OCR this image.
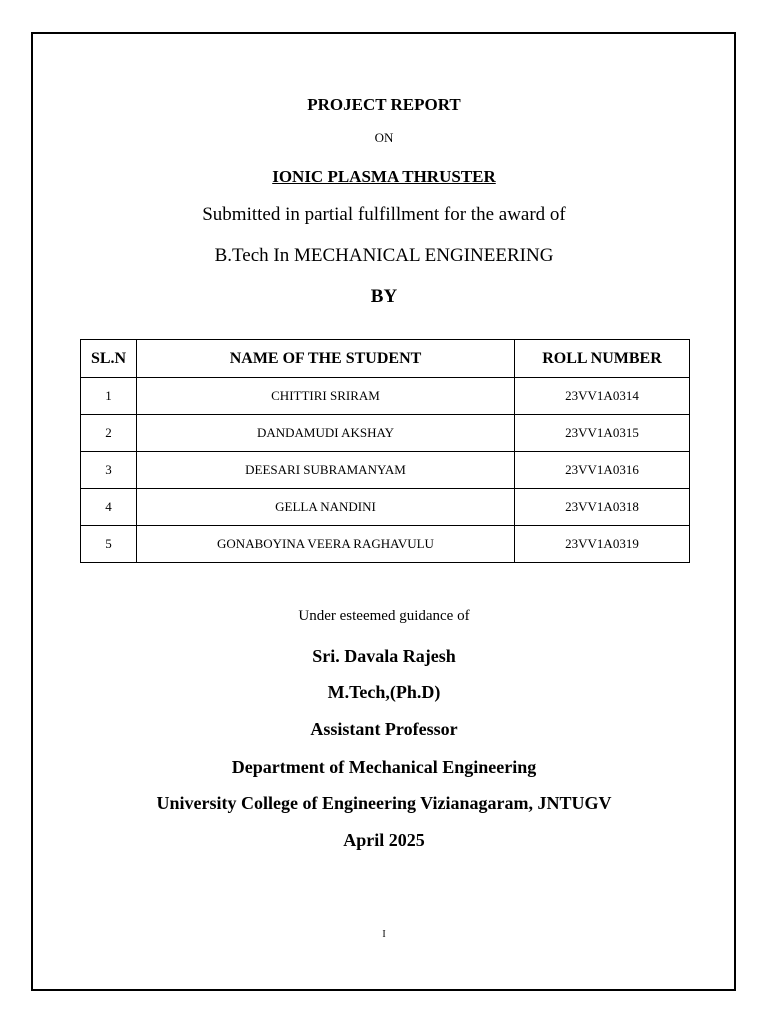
PROJECT REPORT
ON
IONIC PLASMA THRUSTER
Submitted in partial fulfillment for the award of
B.Tech In MECHANICAL ENGINEERING
BY
SL.N	NAME OF THE STUDENT	ROLL NUMBER
1	CHITTIRI SRIRAM	23VV1A0314
2	DANDAMUDI AKSHAY	23VV1A0315
3	DEESARI SUBRAMANYAM	23VV1A0316
4	GELLA NANDINI	23VV1A0318
5	GONABOYINA VEERA RAGHAVULU	23VV1A0319
Under esteemed guidance of
Sri. Davala Rajesh
M.Tech,(Ph.D)
Assistant Professor
Department of Mechanical Engineering
University College of Engineering Vizianagaram, JNTUGV
April 2025
I
